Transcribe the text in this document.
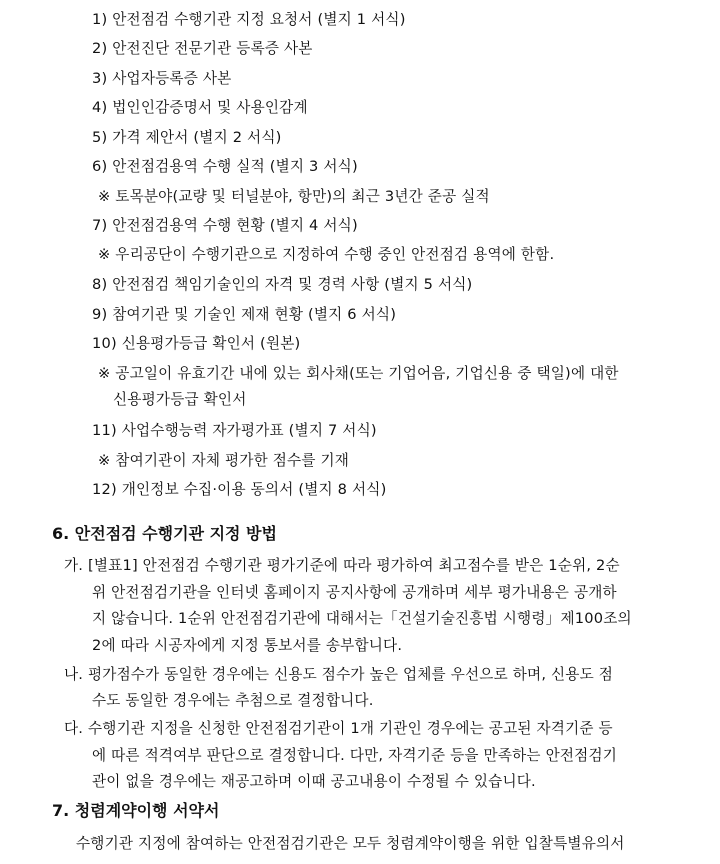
1) 안전점검 수행기관 지정 요청서 (별지 1 서식)
2) 안전진단 전문기관 등록증 사본
3) 사업자등록증 사본
4) 법인인감증명서 및 사용인감계
5) 가격 제안서 (별지 2 서식)
6) 안전점검용역 수행 실적 (별지 3 서식)
※ 토목분야(교량 및 터널분야, 항만)의 최근 3년간 준공 실적
7) 안전점검용역 수행 현황 (별지 4 서식)
※ 우리공단이 수행기관으로 지정하여 수행 중인 안전점검 용역에 한함.
8) 안전점검 책임기술인의 자격 및 경력 사항 (별지 5 서식)
9) 참여기관 및 기술인 제재 현황 (별지 6 서식)
10) 신용평가등급 확인서 (원본)
※ 공고일이 유효기간 내에 있는 회사채(또는 기업어음, 기업신용 중 택일)에 대한
신용평가등급 확인서
11) 사업수행능력 자가평가표 (별지 7 서식)
※ 참여기관이 자체 평가한 점수를 기재
12) 개인정보 수집·이용 동의서 (별지 8 서식)
6. 안전점검 수행기관 지정 방법
가. [별표1] 안전점검 수행기관 평가기준에 따라 평가하여 최고점수를 받은 1순위, 2순
위 안전점검기관을 인터넷 홈페이지 공지사항에 공개하며 세부 평가내용은 공개하
지 않습니다. 1순위 안전점검기관에 대해서는「건설기술진흥법 시행령」제100조의
2에 따라 시공자에게 지정 통보서를 송부합니다.
나. 평가점수가 동일한 경우에는 신용도 점수가 높은 업체를 우선으로 하며, 신용도 점
수도 동일한 경우에는 추첨으로 결정합니다.
다. 수행기관 지정을 신청한 안전점검기관이 1개 기관인 경우에는 공고된 자격기준 등
에 따른 적격여부 판단으로 결정합니다. 다만, 자격기준 등을 만족하는 안전점검기
관이 없을 경우에는 재공고하며 이때 공고내용이 수정될 수 있습니다.
7. 청렴계약이행 서약서
수행기관 지정에 참여하는 안전점검기관은 모두 청렴계약이행을 위한 입찰특별유의서
